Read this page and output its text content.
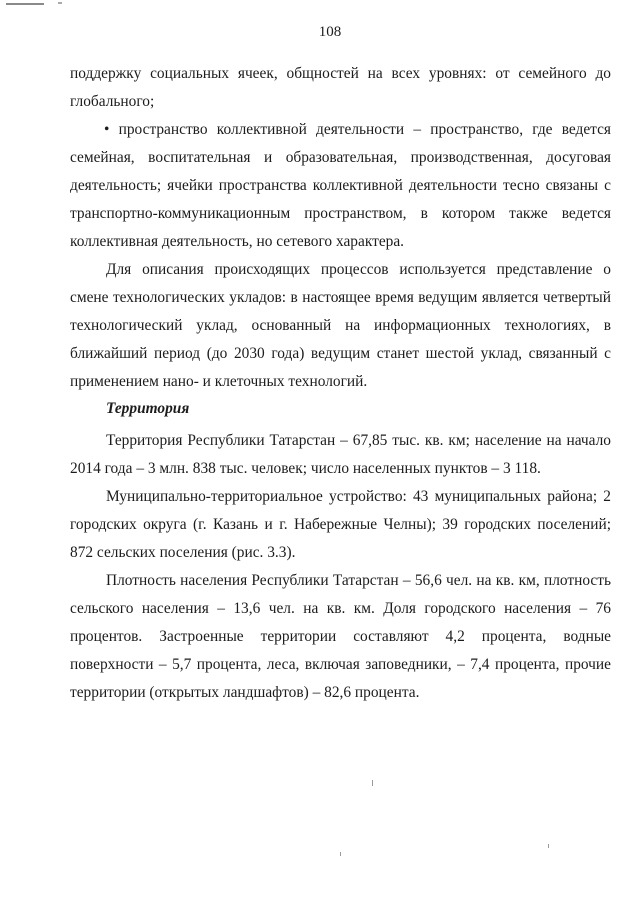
108

поддержку социальных ячеек, общностей на всех уровнях: от семейного до глобального;

• пространство коллективной деятельности – пространство, где ведется семейная, воспитательная и образовательная, производственная, досуговая деятельность; ячейки пространства коллективной деятельности тесно связаны с транспортно-коммуникационным пространством, в котором также ведется коллективная деятельность, но сетевого характера.

Для описания происходящих процессов используется представление о смене технологических укладов: в настоящее время ведущим является четвертый технологический уклад, основанный на информационных технологиях, в ближайший период (до 2030 года) ведущим станет шестой уклад, связанный с применением нано- и клеточных технологий.

Территория

Территория Республики Татарстан – 67,85 тыс. кв. км; население на начало 2014 года – 3 млн. 838 тыс. человек; число населенных пунктов – 3 118.

Муниципально-территориальное устройство: 43 муниципальных района; 2 городских округа (г. Казань и г. Набережные Челны); 39 городских поселений; 872 сельских поселения (рис. 3.3).

Плотность населения Республики Татарстан – 56,6 чел. на кв. км, плотность сельского населения – 13,6 чел. на кв. км. Доля городского населения – 76 процентов. Застроенные территории составляют 4,2 процента, водные поверхности – 5,7 процента, леса, включая заповедники, – 7,4 процента, прочие территории (открытых ландшафтов) – 82,6 процента.
